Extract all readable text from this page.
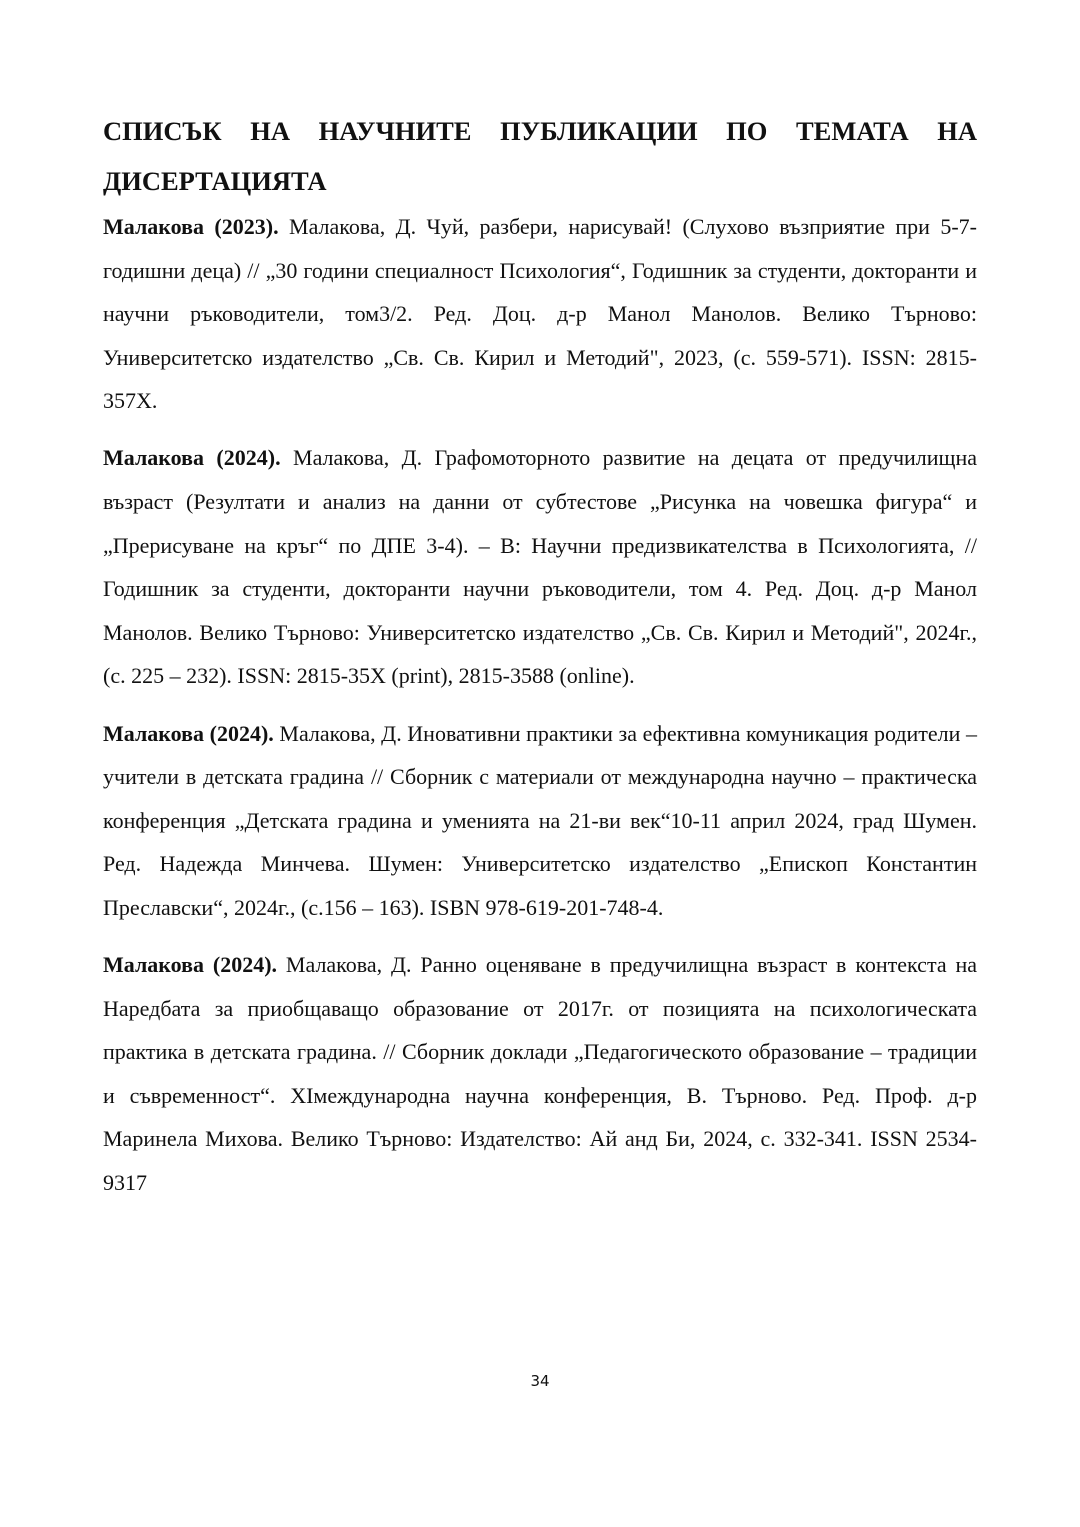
СПИСЪК НА НАУЧНИТЕ ПУБЛИКАЦИИ ПО ТЕМАТА НА ДИСЕРТАЦИЯТА

Малакова (2023). Малакова, Д. Чуй, разбери, нарисувай! (Слухово възприятие при 5-7-годишни деца) // „30 години специалност Психология“, Годишник за студенти, докторанти и научни ръководители, том3/2. Ред. Доц. д-р Манол Манолов. Велико Търново: Университетско издателство „Св. Св. Кирил и Методий", 2023, (с. 559-571). ISSN: 2815-357X.

Малакова (2024). Малакова, Д. Графомоторното развитие на децата от предучилищна възраст (Резултати и анализ на данни от субтестове „Рисунка на човешка фигура“ и „Прерисуване на кръг“ по ДПЕ 3-4). – В: Научни предизвикателства в Психологията, // Годишник за студенти, докторанти научни ръководители, том 4. Ред. Доц. д-р Манол Манолов. Велико Търново: Университетско издателство „Св. Св. Кирил и Методий", 2024г., (с. 225 – 232). ISSN: 2815-35X (print), 2815-3588 (online).

Малакова (2024). Малакова, Д. Иновативни практики за ефективна комуникация родители – учители в детската градина // Сборник с материали от международна научно – практическа конференция „Детската градина и уменията на 21-ви век“10-11 април 2024, град Шумен. Ред. Надежда Минчева. Шумен: Университетско издателство „Епископ Константин Преславски“, 2024г., (с.156 – 163). ISBN 978-619-201-748-4.

Малакова (2024). Малакова, Д. Ранно оценяване в предучилищна възраст в контекста на Наредбата за приобщаващо образование от 2017г. от позицията на психологическата практика в детската градина. // Сборник доклади „Педагогическото образование – традиции и съвременност“. XIмеждународна научна конференция, В. Търново. Ред. Проф. д-р Маринела Михова. Велико Търново: Издателство: Ай анд Би, 2024, с. 332-341. ISSN 2534-9317

34
